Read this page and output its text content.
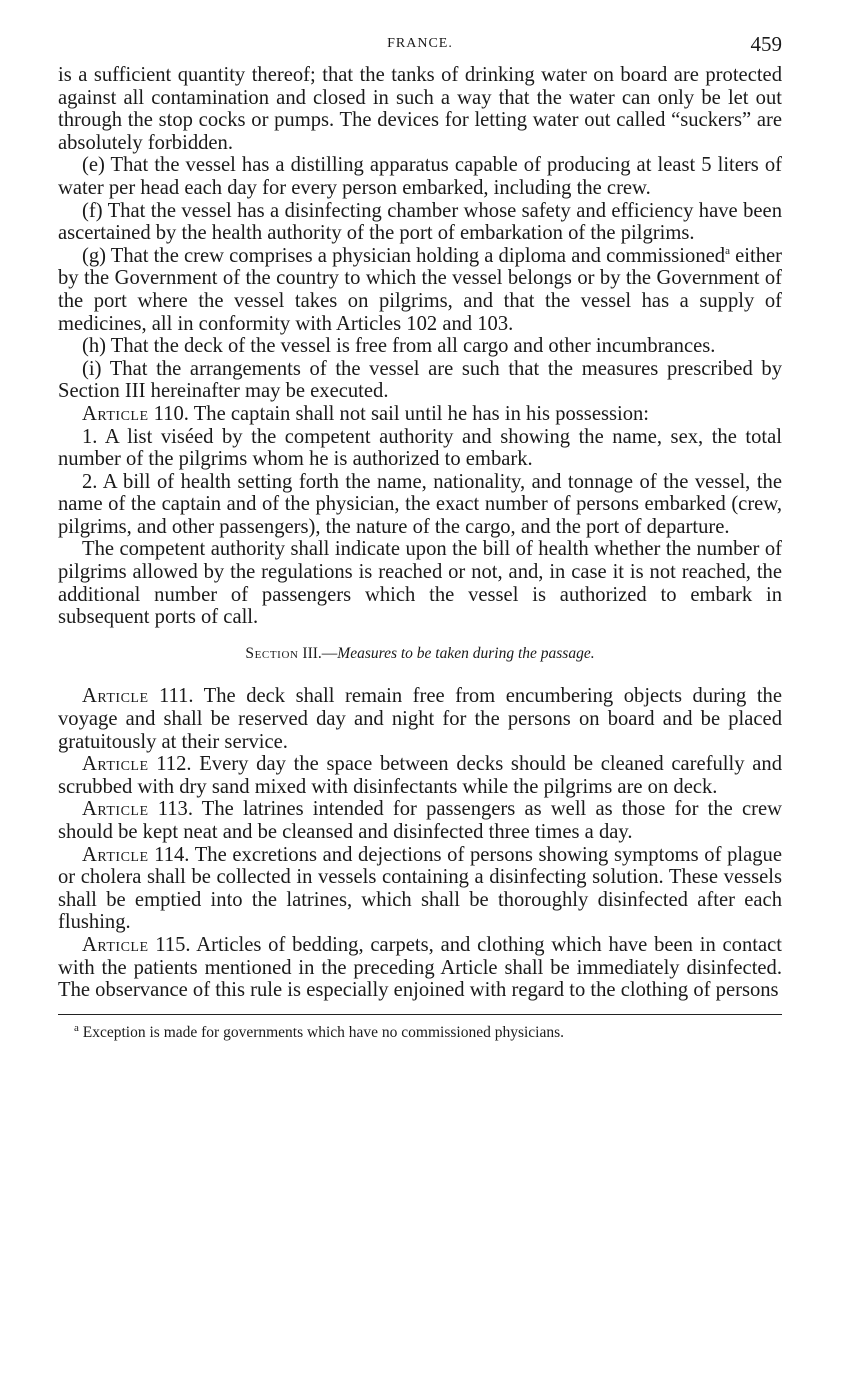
FRANCE.	459

is a sufficient quantity thereof; that the tanks of drinking water on board are protected against all contamination and closed in such a way that the water can only be let out through the stop cocks or pumps. The devices for letting water out called “suckers” are absolutely forbidden.

(e) That the vessel has a distilling apparatus capable of producing at least 5 liters of water per head each day for every person embarked, including the crew.

(f) That the vessel has a disinfecting chamber whose safety and efficiency have been ascertained by the health authority of the port of embarkation of the pilgrims.

(g) That the crew comprises a physician holding a diploma and commissioned$^a$ either by the Government of the country to which the vessel belongs or by the Government of the port where the vessel takes on pilgrims, and that the vessel has a supply of medicines, all in conformity with Articles 102 and 103.

(h) That the deck of the vessel is free from all cargo and other incumbrances.

(i) That the arrangements of the vessel are such that the measures prescribed by Section III hereinafter may be executed.

Article 110. The captain shall not sail until he has in his possession:

1. A list viséed by the competent authority and showing the name, sex, the total number of the pilgrims whom he is authorized to embark.

2. A bill of health setting forth the name, nationality, and tonnage of the vessel, the name of the captain and of the physician, the exact number of persons embarked (crew, pilgrims, and other passengers), the nature of the cargo, and the port of departure.

The competent authority shall indicate upon the bill of health whether the number of pilgrims allowed by the regulations is reached or not, and, in case it is not reached, the additional number of passengers which the vessel is authorized to embark in subsequent ports of call.

Section III.—Measures to be taken during the passage.

Article 111. The deck shall remain free from encumbering objects during the voyage and shall be reserved day and night for the persons on board and be placed gratuitously at their service.

Article 112. Every day the space between decks should be cleaned carefully and scrubbed with dry sand mixed with disinfectants while the pilgrims are on deck.

Article 113. The latrines intended for passengers as well as those for the crew should be kept neat and be cleansed and disinfected three times a day.

Article 114. The excretions and dejections of persons showing symptoms of plague or cholera shall be collected in vessels containing a disinfecting solution. These vessels shall be emptied into the latrines, which shall be thoroughly disinfected after each flushing.

Article 115. Articles of bedding, carpets, and clothing which have been in contact with the patients mentioned in the preceding Article shall be immediately disinfected. The observance of this rule is especially enjoined with regard to the clothing of persons

$^a$ Exception is made for governments which have no commissioned physicians.
